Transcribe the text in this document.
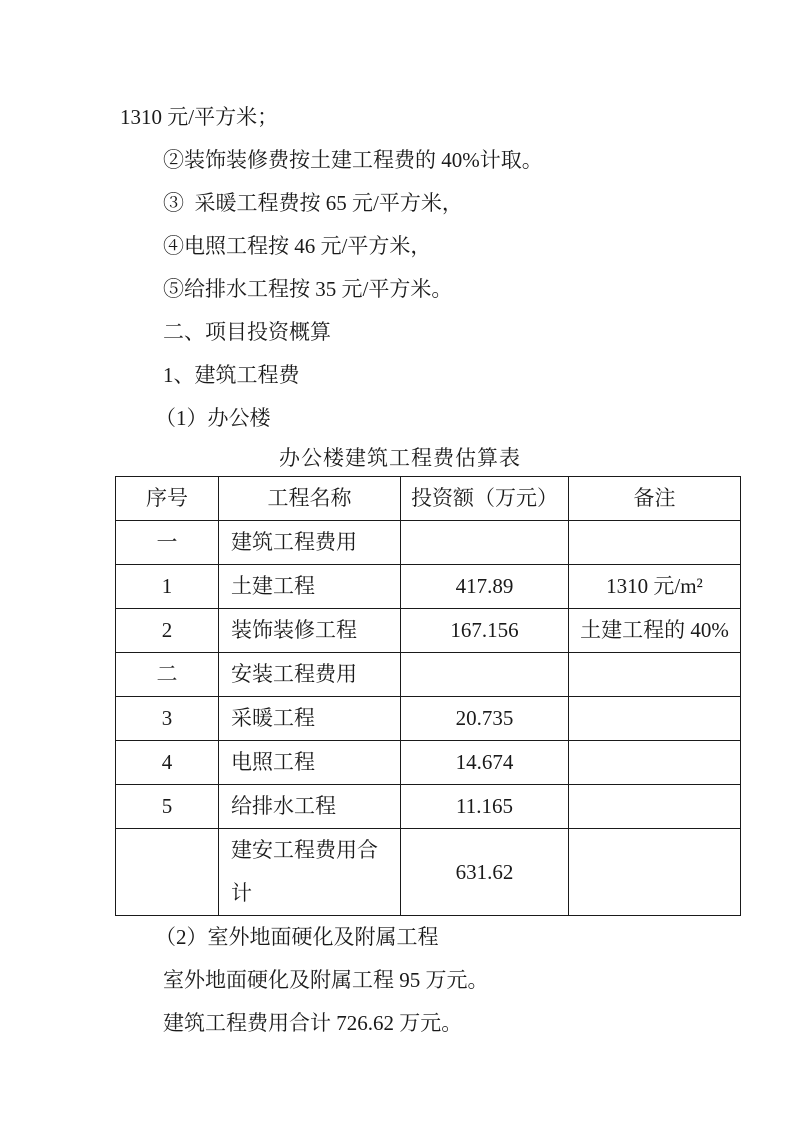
1310 元/平方米；

②装饰装修费按土建工程费的 40%计取。

③  采暖工程费按 65 元/平方米，

④电照工程按 46 元/平方米，

⑤给排水工程按 35 元/平方米。

二、项目投资概算

1、建筑工程费

（1）办公楼

办公楼建筑工程费估算表

序号	工程名称	投资额（万元）	备注
一	建筑工程费用		
1	土建工程	417.89	1310 元/m²
2	装饰装修工程	167.156	土建工程的 40%
二	安装工程费用		
3	采暖工程	20.735	
4	电照工程	14.674	
5	给排水工程	11.165	
	建安工程费用合计	631.62	

（2）室外地面硬化及附属工程

室外地面硬化及附属工程 95 万元。

建筑工程费用合计 726.62 万元。
